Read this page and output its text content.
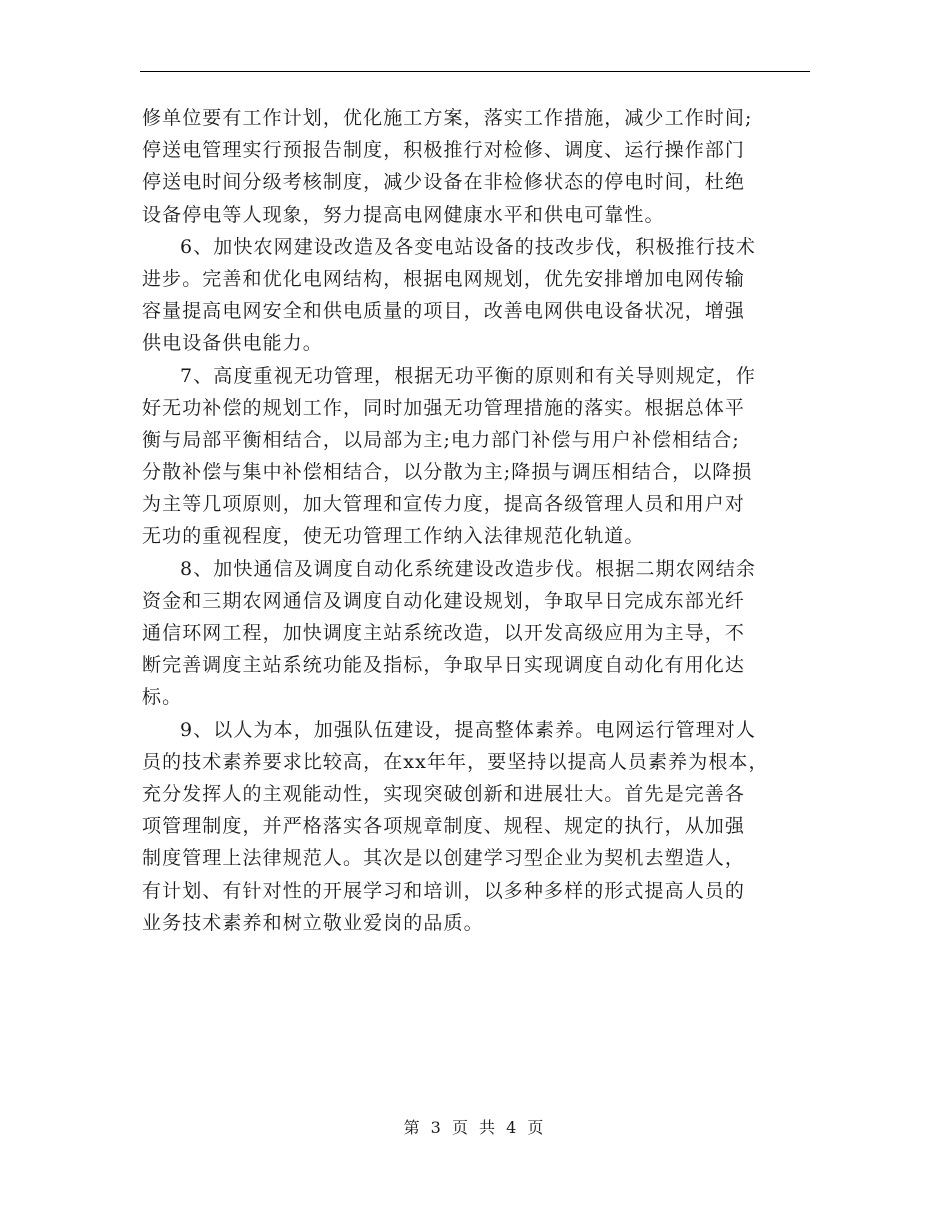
修单位要有工作计划，优化施工方案，落实工作措施，减少工作时间;
停送电管理实行预报告制度，积极推行对检修、调度、运行操作部门
停送电时间分级考核制度，减少设备在非检修状态的停电时间，杜绝
设备停电等人现象，努力提高电网健康水平和供电可靠性。
6、加快农网建设改造及各变电站设备的技改步伐，积极推行技术
进步。完善和优化电网结构，根据电网规划，优先安排增加电网传输
容量提高电网安全和供电质量的项目，改善电网供电设备状况，增强
供电设备供电能力。
7、高度重视无功管理，根据无功平衡的原则和有关导则规定，作
好无功补偿的规划工作，同时加强无功管理措施的落实。根据总体平
衡与局部平衡相结合，以局部为主;电力部门补偿与用户补偿相结合;
分散补偿与集中补偿相结合，以分散为主;降损与调压相结合，以降损
为主等几项原则，加大管理和宣传力度，提高各级管理人员和用户对
无功的重视程度，使无功管理工作纳入法律规范化轨道。
8、加快通信及调度自动化系统建设改造步伐。根据二期农网结余
资金和三期农网通信及调度自动化建设规划，争取早日完成东部光纤
通信环网工程，加快调度主站系统改造，以开发高级应用为主导，不
断完善调度主站系统功能及指标，争取早日实现调度自动化有用化达
标。
9、以人为本，加强队伍建设，提高整体素养。电网运行管理对人
员的技术素养要求比较高，在xx年年，要坚持以提高人员素养为根本，
充分发挥人的主观能动性，实现突破创新和进展壮大。首先是完善各
项管理制度，并严格落实各项规章制度、规程、规定的执行，从加强
制度管理上法律规范人。其次是以创建学习型企业为契机去塑造人，
有计划、有针对性的开展学习和培训，以多种多样的形式提高人员的
业务技术素养和树立敬业爱岗的品质。
第 3 页 共 4 页
